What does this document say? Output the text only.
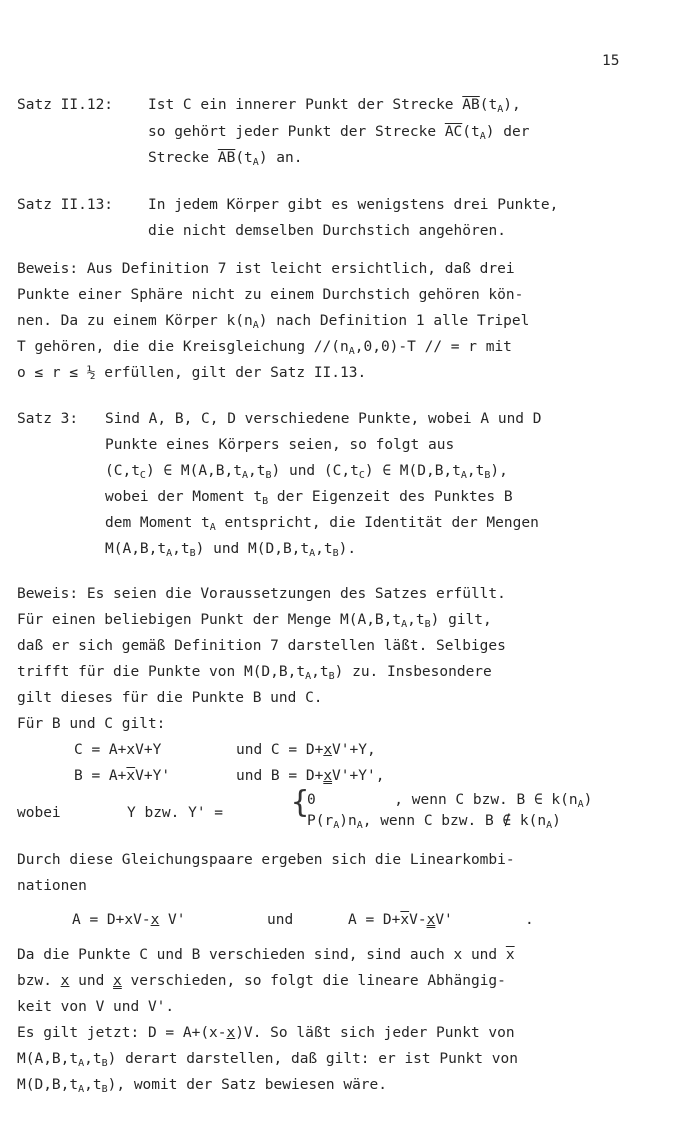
15
Satz II.12: Ist C ein innerer Punkt der Strecke $\overline{AB}(t_A)$,
so gehört jeder Punkt der Strecke $\overline{AC}(t_A)$ der
Strecke $\overline{AB}(t_A)$ an.
Satz II.13: In jedem Körper gibt es wenigstens drei Punkte,
die nicht demselben Durchstich angehören.
Beweis: Aus Definition 7 ist leicht ersichtlich, daß drei
Punkte einer Sphäre nicht zu einem Durchstich gehören kön-
nen. Da zu einem Körper $k(n_A)$ nach Definition 1 alle Tripel
T gehören, die die Kreisgleichung $//(n_A,0,0)-T$ // = r mit
o ≤ r ≤ ½ erfüllen, gilt der Satz II.13.
Satz 3: Sind A, B, C, D verschiedene Punkte, wobei A und D
Punkte eines Körpers seien, so folgt aus
$(C,t_C)$ ∈ $M(A,B,t_A,t_B)$ und $(C,t_C)$ ∈ $M(D,B,t_A,t_B)$,
wobei der Moment $t_B$ der Eigenzeit des Punktes B
dem Moment $t_A$ entspricht, die Identität der Mengen
$M(A,B,t_A,t_B)$ und $M(D,B,t_A,t_B)$.
Beweis: Es seien die Voraussetzungen des Satzes erfüllt.
Für einen beliebigen Punkt der Menge $M(A,B,t_A,t_B)$ gilt,
daß er sich gemäß Definition 7 darstellen läßt. Selbiges
trifft für die Punkte von $M(D,B,t_A,t_B)$ zu. Insbesondere
gilt dieses für die Punkte B und C.
Für B und C gilt:
C = A+xV+Y	und C = D+xV'+Y,
$B = A+\overline{x}V+Y'$	und B = D+xV'+Y',
wobei	Y bzw. Y' = {
0         , wenn C bzw. B ∈ $k(n_A)$
$P(r_A)n_A$, wenn C bzw. B ∉ $k(n_A)$
Durch diese Gleichungspaare ergeben sich die Linearkombi-
nationen
A = D+xV-x V'	und	$A = D+\overline{x}V-xV'$	.
Da die Punkte C und B verschieden sind, sind auch x und $\overline{x}$
bzw. x und x verschieden, so folgt die lineare Abhängig-
keit von V und V'.
Es gilt jetzt: D = A+(x-x)V. So läßt sich jeder Punkt von
$M(A,B,t_A,t_B)$ derart darstellen, daß gilt: er ist Punkt von
$M(D,B,t_A,t_B)$, womit der Satz bewiesen wäre.
